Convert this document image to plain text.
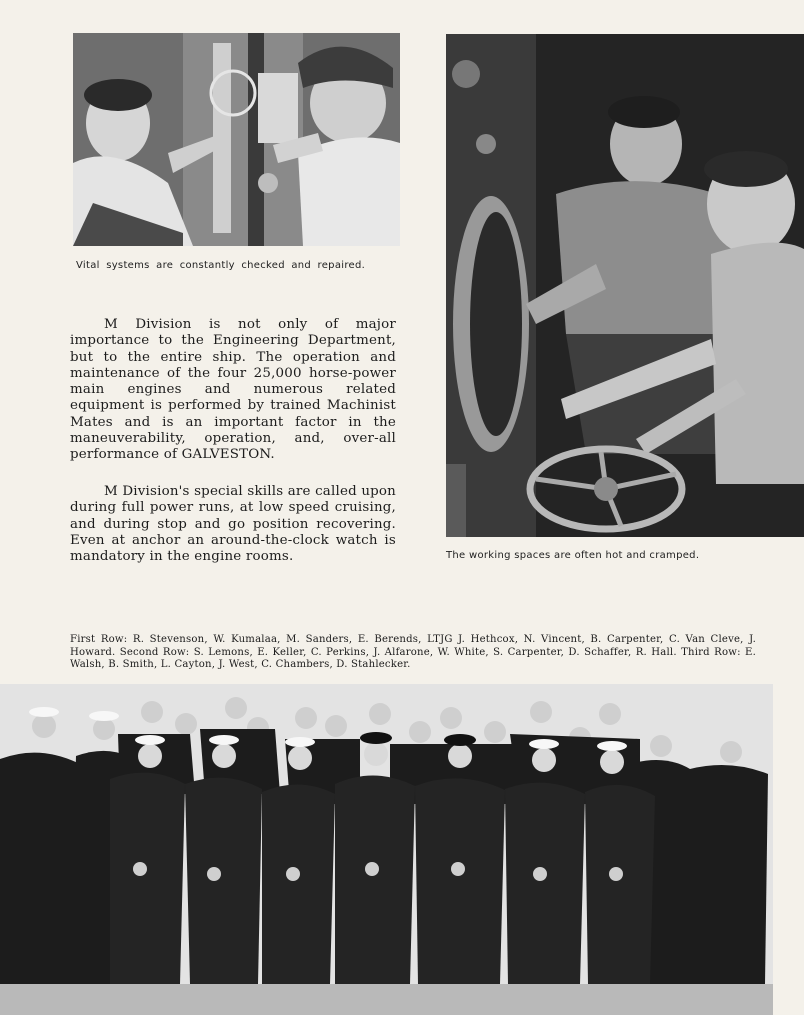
Vital systems are constantly checked and repaired.

The working spaces are often hot and cramped.

M Division is not only of major importance to the Engineering Department, but to the entire ship. The operation and maintenance of the four 25,000 horse-power main engines and numerous related equipment is performed by trained Machinist Mates and is an important factor in the maneuverability, operation, and, over-all performance of GALVESTON.

M Division's special skills are called upon during full power runs, at low speed cruising, and during stop and go position recovering. Even at anchor an around-the-clock watch is mandatory in the engine rooms.

First Row: R. Stevenson, W. Kumalaa, M. Sanders, E. Berends, LTJG J. Hethcox, N. Vincent, B. Carpenter, C. Van Cleve, J. Howard. Second Row: S. Lemons, E. Keller, C. Perkins, J. Alfarone, W. White, S. Carpenter, D. Schaffer, R. Hall. Third Row: E. Walsh, B. Smith, L. Cayton, J. West, C. Chambers, D. Stahlecker.
